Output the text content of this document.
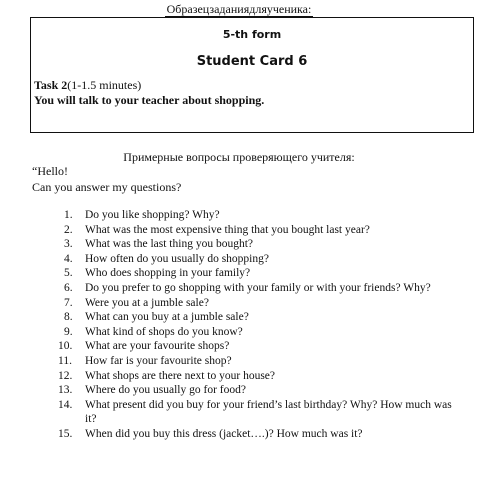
Образецзаданиядляученика:
5-th form
Student Card 6
Task 2(1-1.5 minutes)
You will talk to your teacher about shopping.
Примерные вопросы проверяющего учителя:
“Hello!
Can you answer my questions?
1. Do you like shopping? Why?
2. What was the most expensive thing that you bought last year?
3. What was the last thing you bought?
4. How often do you usually do shopping?
5. Who does shopping in your family?
6. Do you prefer to go shopping with your family or with your friends? Why?
7. Were you at a jumble sale?
8. What can you buy at a jumble sale?
9. What kind of shops do you know?
10. What are your favourite shops?
11. How far is your favourite shop?
12. What shops are there next to your house?
13. Where do you usually go for food?
14. What present did you buy for your friend’s last birthday? Why? How much was it?
15. When did you buy this dress (jacket….)? How much was it?
